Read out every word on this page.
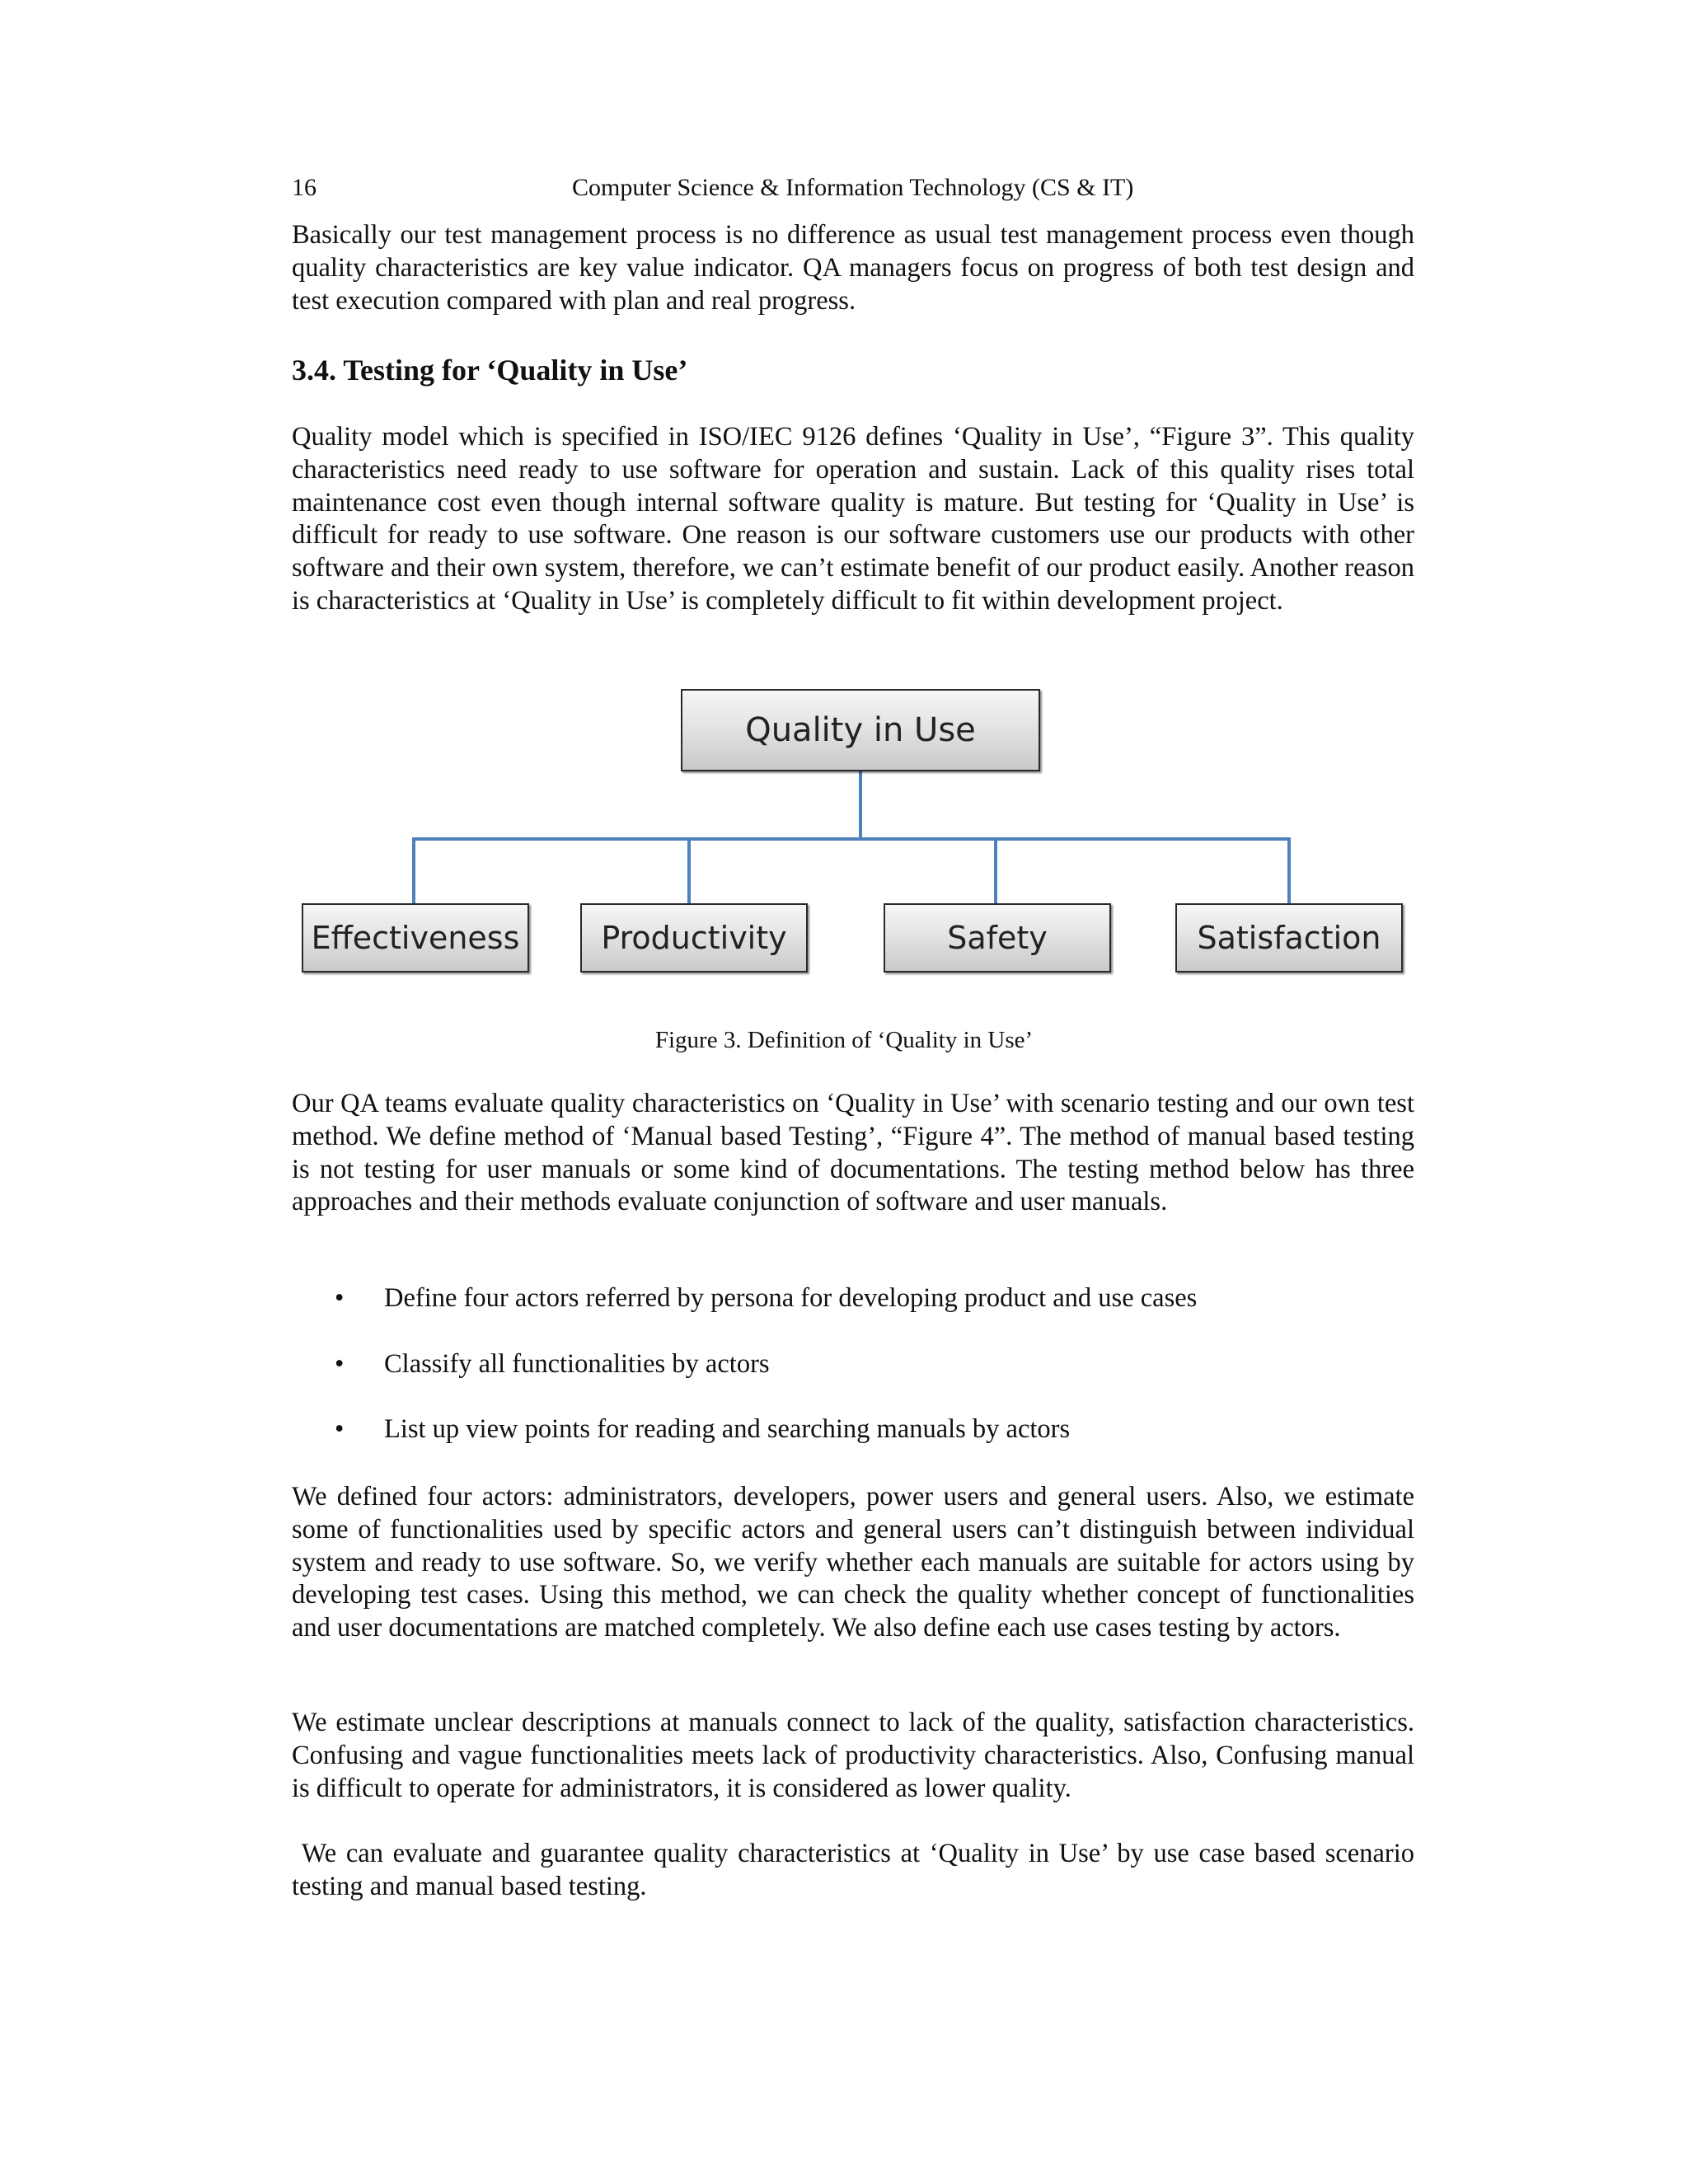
16	Computer Science & Information Technology (CS & IT)

Basically our test management process is no difference as usual test management process even though quality characteristics are key value indicator. QA managers focus on progress of both test design and test execution compared with plan and real progress.

3.4. Testing for ‘Quality in Use’

Quality model which is specified in ISO/IEC 9126 defines ‘Quality in Use’, “Figure 3”. This quality characteristics need ready to use software for operation and sustain. Lack of this quality rises total maintenance cost even though internal software quality is mature. But testing for ‘Quality in Use’ is difficult for ready to use software. One reason is our software customers use our products with other software and their own system, therefore, we can’t estimate benefit of our product easily. Another reason is characteristics at ‘Quality in Use’ is completely difficult to fit within development project.

Quality in Use
Effectiveness	Productivity	Safety	Satisfaction
Figure 3. Definition of ‘Quality in Use’

Our QA teams evaluate quality characteristics on ‘Quality in Use’ with scenario testing and our own test method. We define method of ‘Manual based Testing’, “Figure 4”. The method of manual based testing is not testing for user manuals or some kind of documentations. The testing method below has three approaches and their methods evaluate conjunction of software and user manuals.

• Define four actors referred by persona for developing product and use cases
• Classify all functionalities by actors
• List up view points for reading and searching manuals by actors

We defined four actors: administrators, developers, power users and general users. Also, we estimate some of functionalities used by specific actors and general users can’t distinguish between individual system and ready to use software. So, we verify whether each manuals are suitable for actors using by developing test cases. Using this method, we can check the quality whether concept of functionalities and user documentations are matched completely. We also define each use cases testing by actors.

We estimate unclear descriptions at manuals connect to lack of the quality, satisfaction characteristics. Confusing and vague functionalities meets lack of productivity characteristics. Also, Confusing manual is difficult to operate for administrators, it is considered as lower quality.

We can evaluate and guarantee quality characteristics at ‘Quality in Use’ by use case based scenario testing and manual based testing.
